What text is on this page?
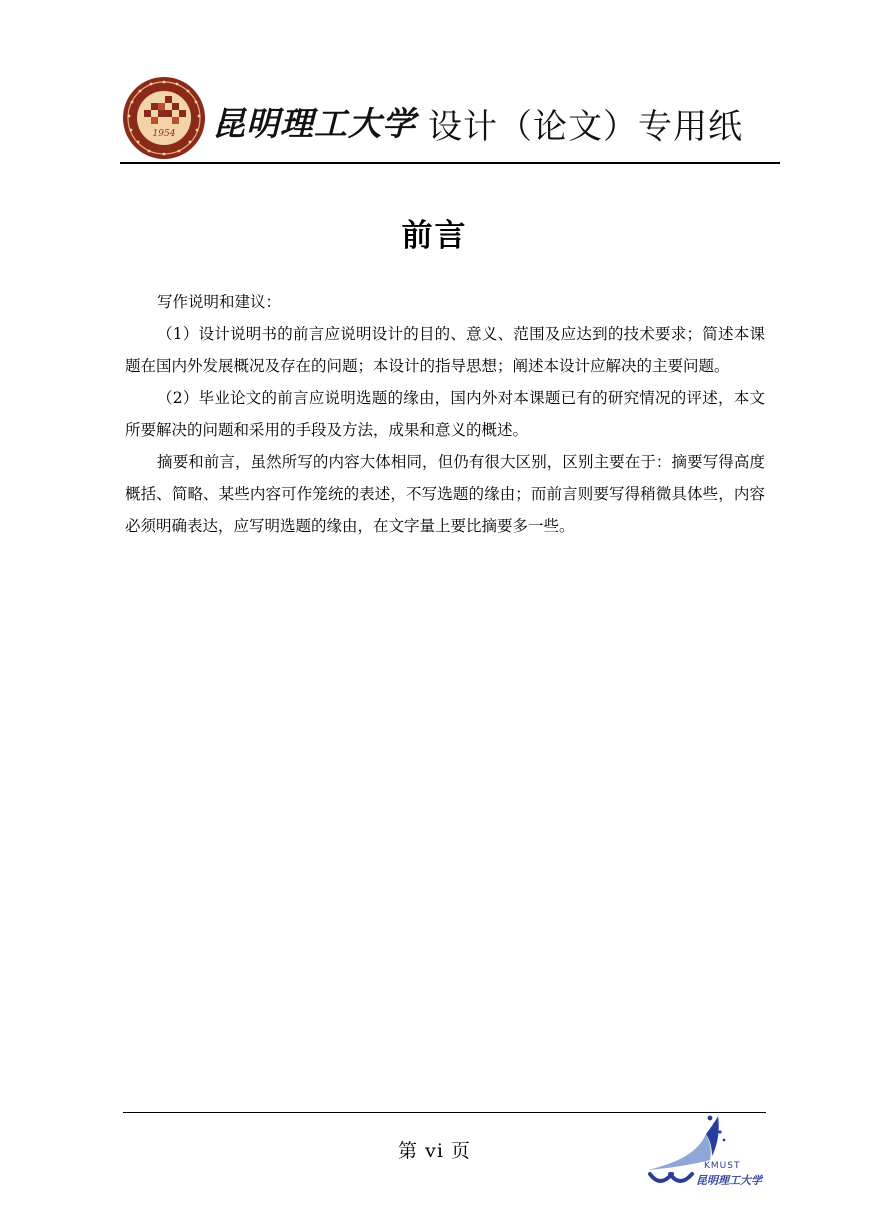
1954 昆明理工大学 设计（论文）专用纸
前言

写作说明和建议：

（1）设计说明书的前言应说明设计的目的、意义、范围及应达到的技术要求；简述本课题在国内外发展概况及存在的问题；本设计的指导思想；阐述本设计应解决的主要问题。

（2）毕业论文的前言应说明选题的缘由，国内外对本课题已有的研究情况的评述，本文所要解决的问题和采用的手段及方法，成果和意义的概述。

摘要和前言，虽然所写的内容大体相同，但仍有很大区别，区别主要在于：摘要写得高度概括、简略、某些内容可作笼统的表述，不写选题的缘由；而前言则要写得稍微具体些，内容必须明确表达，应写明选题的缘由，在文字量上要比摘要多一些。

第 vi 页
KMUST
昆明理工大学
